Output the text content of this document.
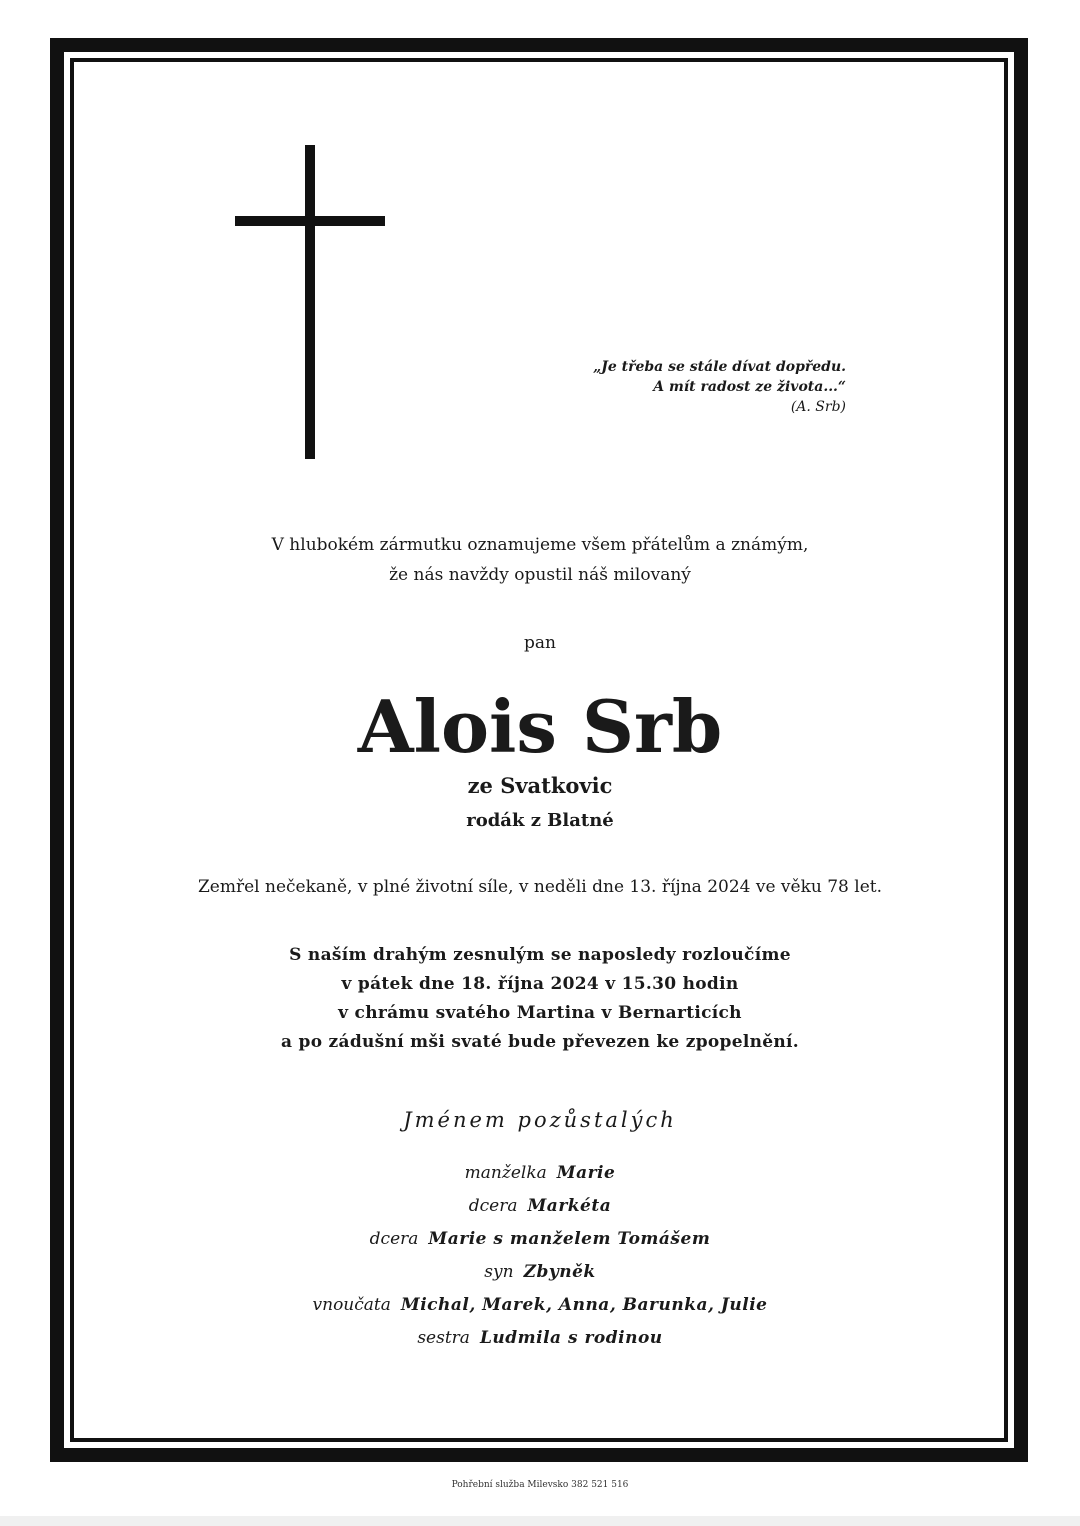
„Je třeba se stále dívat dopředu.
A mít radost ze života...“
(A. Srb)
V hlubokém zármutku oznamujeme všem přátelům a známým,
že nás navždy opustil náš milovaný
pan
Alois Srb
ze Svatkovic
rodák z Blatné
Zemřel nečekaně, v plné životní síle, v neděli dne 13. října 2024 ve věku 78 let.
S naším drahým zesnulým se naposledy rozloučíme
v pátek dne 18. října 2024 v 15.30 hodin
v chrámu svatého Martina v Bernarticích
a po zádušní mši svaté bude převezen ke zpopelnění.
Jménem pozůstalých
manželka Marie
dcera Markéta
dcera Marie s manželem Tomášem
syn Zbyněk
vnoučata Michal, Marek, Anna, Barunka, Julie
sestra Ludmila s rodinou
Pohřební služba Milevsko 382 521 516
